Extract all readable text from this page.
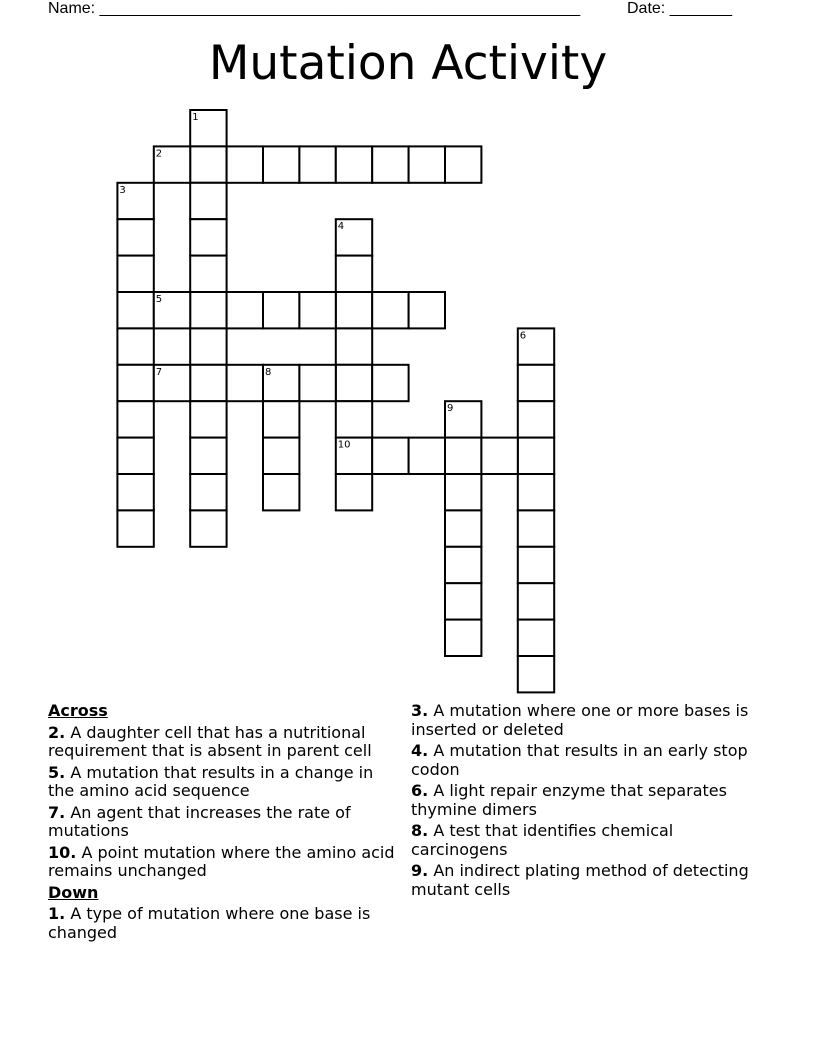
Name: ______________________________________________________	Date: _______
Mutation Activity
1
2
3
4
5
6
7	8
9
10
Across
2. A daughter cell that has a nutritional requirement that is absent in parent cell
5. A mutation that results in a change in the amino acid sequence
7. An agent that increases the rate of mutations
10. A point mutation where the amino acid remains unchanged
Down
1. A type of mutation where one base is changed
3. A mutation where one or more bases is inserted or deleted
4. A mutation that results in an early stop codon
6. A light repair enzyme that separates thymine dimers
8. A test that identifies chemical carcinogens
9. An indirect plating method of detecting mutant cells
